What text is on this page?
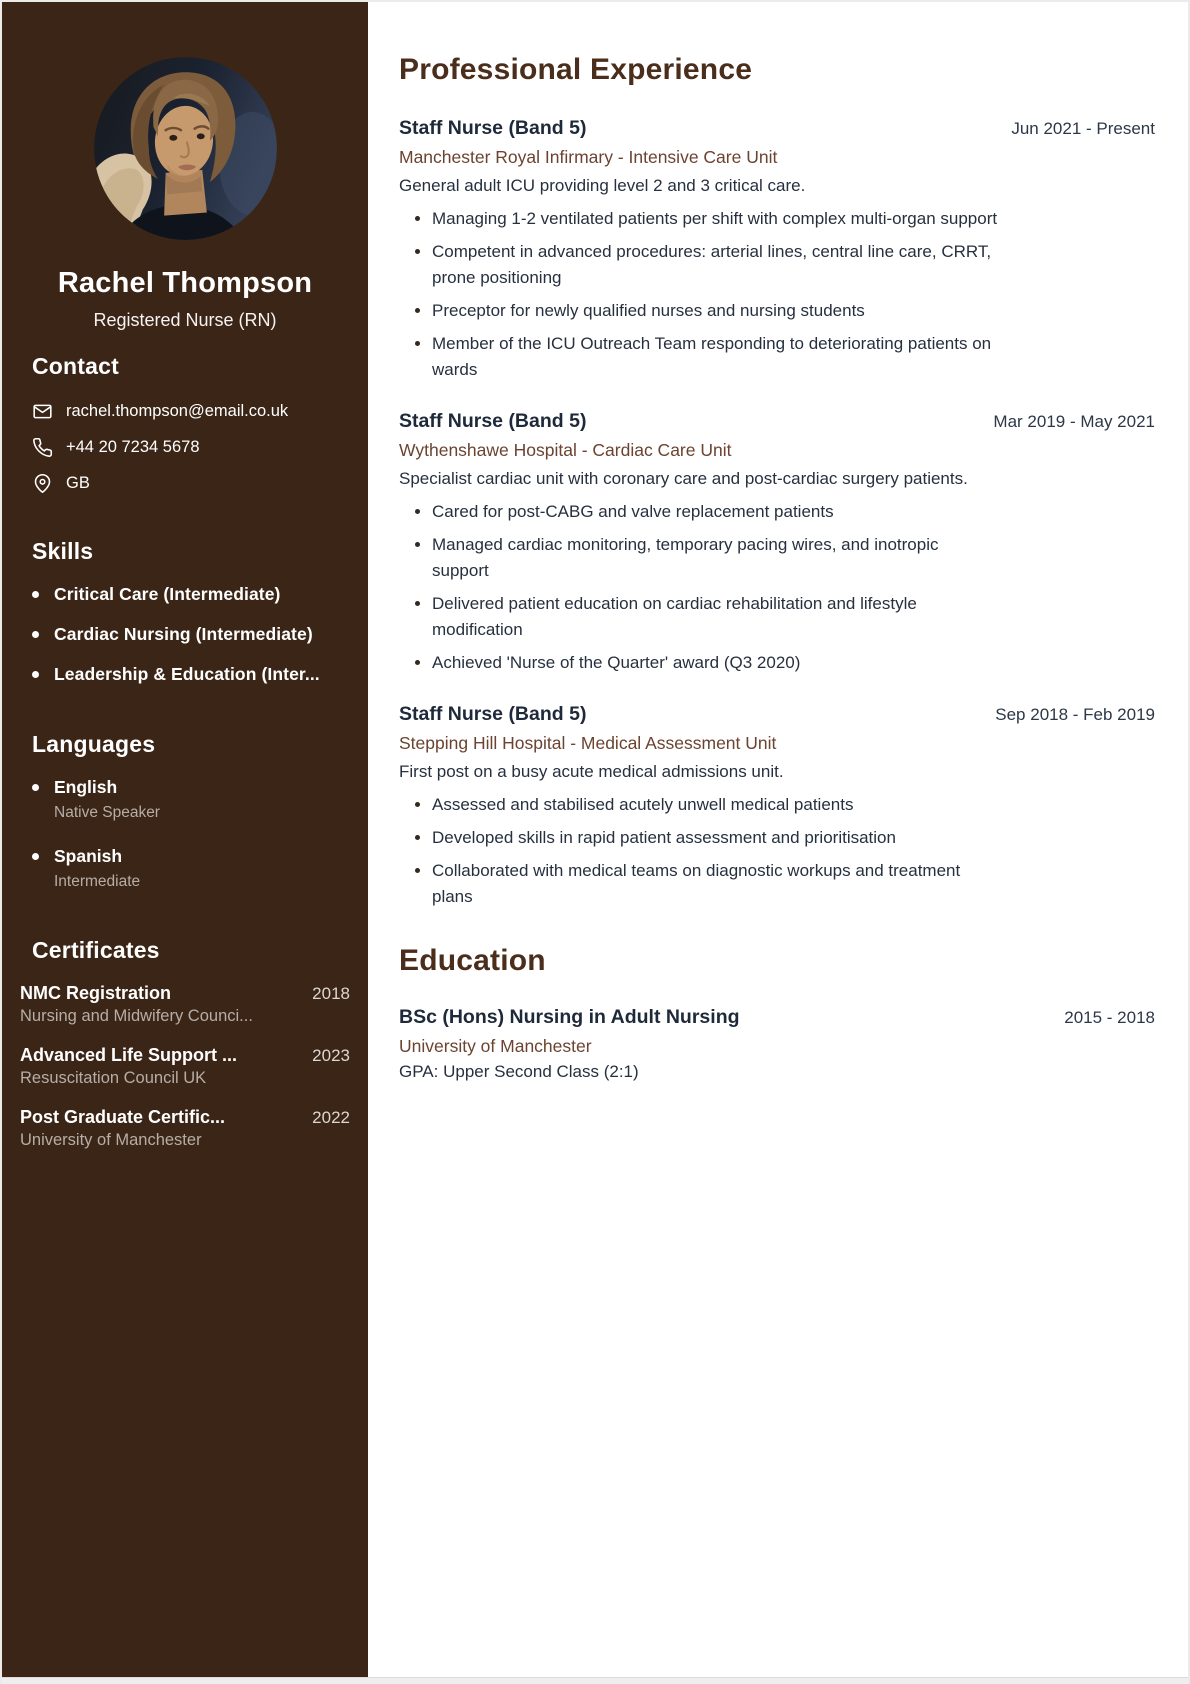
Rachel Thompson
Registered Nurse (RN)
Contact
rachel.thompson@email.co.uk
+44 20 7234 5678
GB
Skills
Critical Care (Intermediate)
Cardiac Nursing (Intermediate)
Leadership & Education (Inter...
Languages
English
Native Speaker
Spanish
Intermediate
Certificates
NMC Registration	2018
Nursing and Midwifery Counci...
Advanced Life Support ...	2023
Resuscitation Council UK
Post Graduate Certific...	2022
University of Manchester
Professional Experience
Staff Nurse (Band 5)	Jun 2021 - Present
Manchester Royal Infirmary - Intensive Care Unit
General adult ICU providing level 2 and 3 critical care.
Managing 1-2 ventilated patients per shift with complex multi-organ support
Competent in advanced procedures: arterial lines, central line care, CRRT, prone positioning
Preceptor for newly qualified nurses and nursing students
Member of the ICU Outreach Team responding to deteriorating patients on wards
Staff Nurse (Band 5)	Mar 2019 - May 2021
Wythenshawe Hospital - Cardiac Care Unit
Specialist cardiac unit with coronary care and post-cardiac surgery patients.
Cared for post-CABG and valve replacement patients
Managed cardiac monitoring, temporary pacing wires, and inotropic support
Delivered patient education on cardiac rehabilitation and lifestyle modification
Achieved 'Nurse of the Quarter' award (Q3 2020)
Staff Nurse (Band 5)	Sep 2018 - Feb 2019
Stepping Hill Hospital - Medical Assessment Unit
First post on a busy acute medical admissions unit.
Assessed and stabilised acutely unwell medical patients
Developed skills in rapid patient assessment and prioritisation
Collaborated with medical teams on diagnostic workups and treatment plans
Education
BSc (Hons) Nursing in Adult Nursing	2015 - 2018
University of Manchester
GPA: Upper Second Class (2:1)
